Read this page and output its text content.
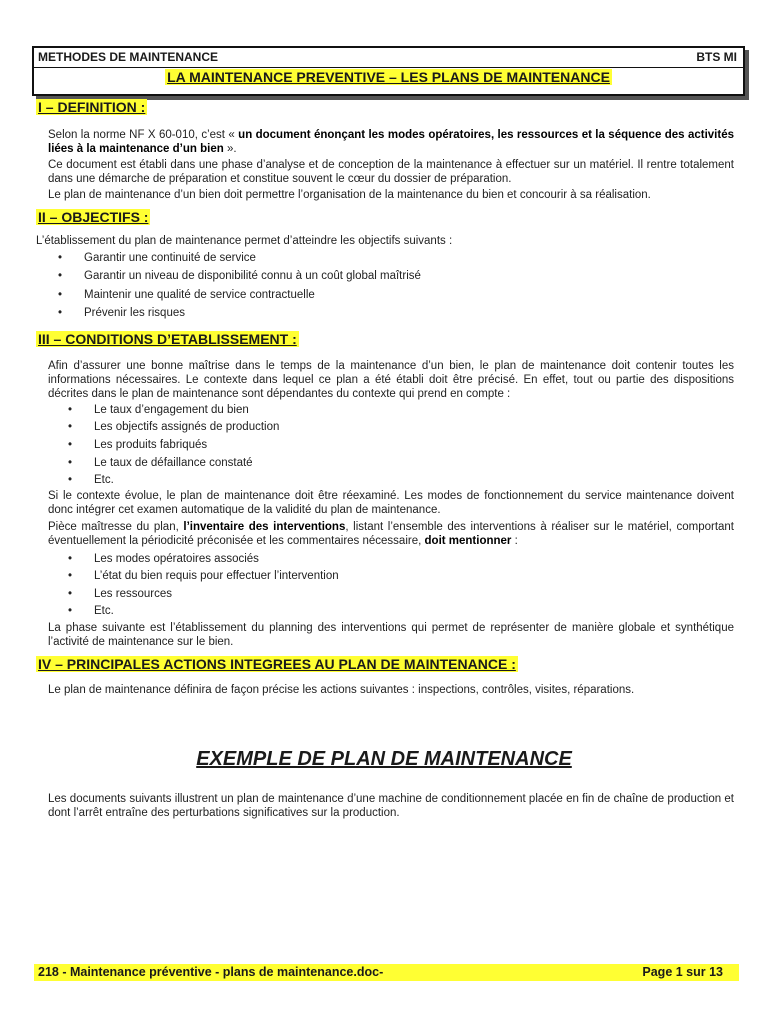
METHODES DE MAINTENANCE	BTS MI
LA MAINTENANCE PREVENTIVE – LES PLANS DE MAINTENANCE
I – DEFINITION :
Selon la norme NF X 60-010, c’est « un document énonçant les modes opératoires, les ressources et la séquence des activités liées à la maintenance d’un bien ».
Ce document est établi dans une phase d’analyse et de conception de la maintenance à effectuer sur un matériel. Il rentre totalement dans une démarche de préparation et constitue souvent le cœur du dossier de préparation.
Le plan de maintenance d’un bien doit permettre l’organisation de la maintenance du bien et concourir à sa réalisation.
II – OBJECTIFS :
L’établissement du plan de maintenance permet d’atteindre les objectifs suivants :
• Garantir une continuité de service
• Garantir un niveau de disponibilité connu à un coût global maîtrisé
• Maintenir une qualité de service contractuelle
• Prévenir les risques
III – CONDITIONS D’ETABLISSEMENT :
Afin d’assurer une bonne maîtrise dans le temps de la maintenance d’un bien, le plan de maintenance doit contenir toutes les informations nécessaires. Le contexte dans lequel ce plan a été établi doit être précisé. En effet, tout ou partie des dispositions décrites dans le plan de maintenance sont dépendantes du contexte qui prend en compte :
• Le taux d’engagement du bien
• Les objectifs assignés de production
• Les produits fabriqués
• Le taux de défaillance constaté
• Etc.
Si le contexte évolue, le plan de maintenance doit être réexaminé. Les modes de fonctionnement du service maintenance doivent donc intégrer cet examen automatique de la validité du plan de maintenance.
Pièce maîtresse du plan, l’inventaire des interventions, listant l’ensemble des interventions à réaliser sur le matériel, comportant éventuellement la périodicité préconisée et les commentaires nécessaire, doit mentionner :
• Les modes opératoires associés
• L’état du bien requis pour effectuer l’intervention
• Les ressources
• Etc.
La phase suivante est l’établissement du planning des interventions qui permet de représenter de manière globale et synthétique l’activité de maintenance sur le bien.
IV – PRINCIPALES ACTIONS INTEGREES AU PLAN DE MAINTENANCE :
Le plan de maintenance définira de façon précise les actions suivantes : inspections, contrôles, visites, réparations.
EXEMPLE DE PLAN DE MAINTENANCE
Les documents suivants illustrent un plan de maintenance d’une machine de conditionnement placée en fin de chaîne de production et dont l’arrêt entraîne des perturbations significatives sur la production.
218 - Maintenance préventive - plans de maintenance.doc-	Page 1 sur 13
